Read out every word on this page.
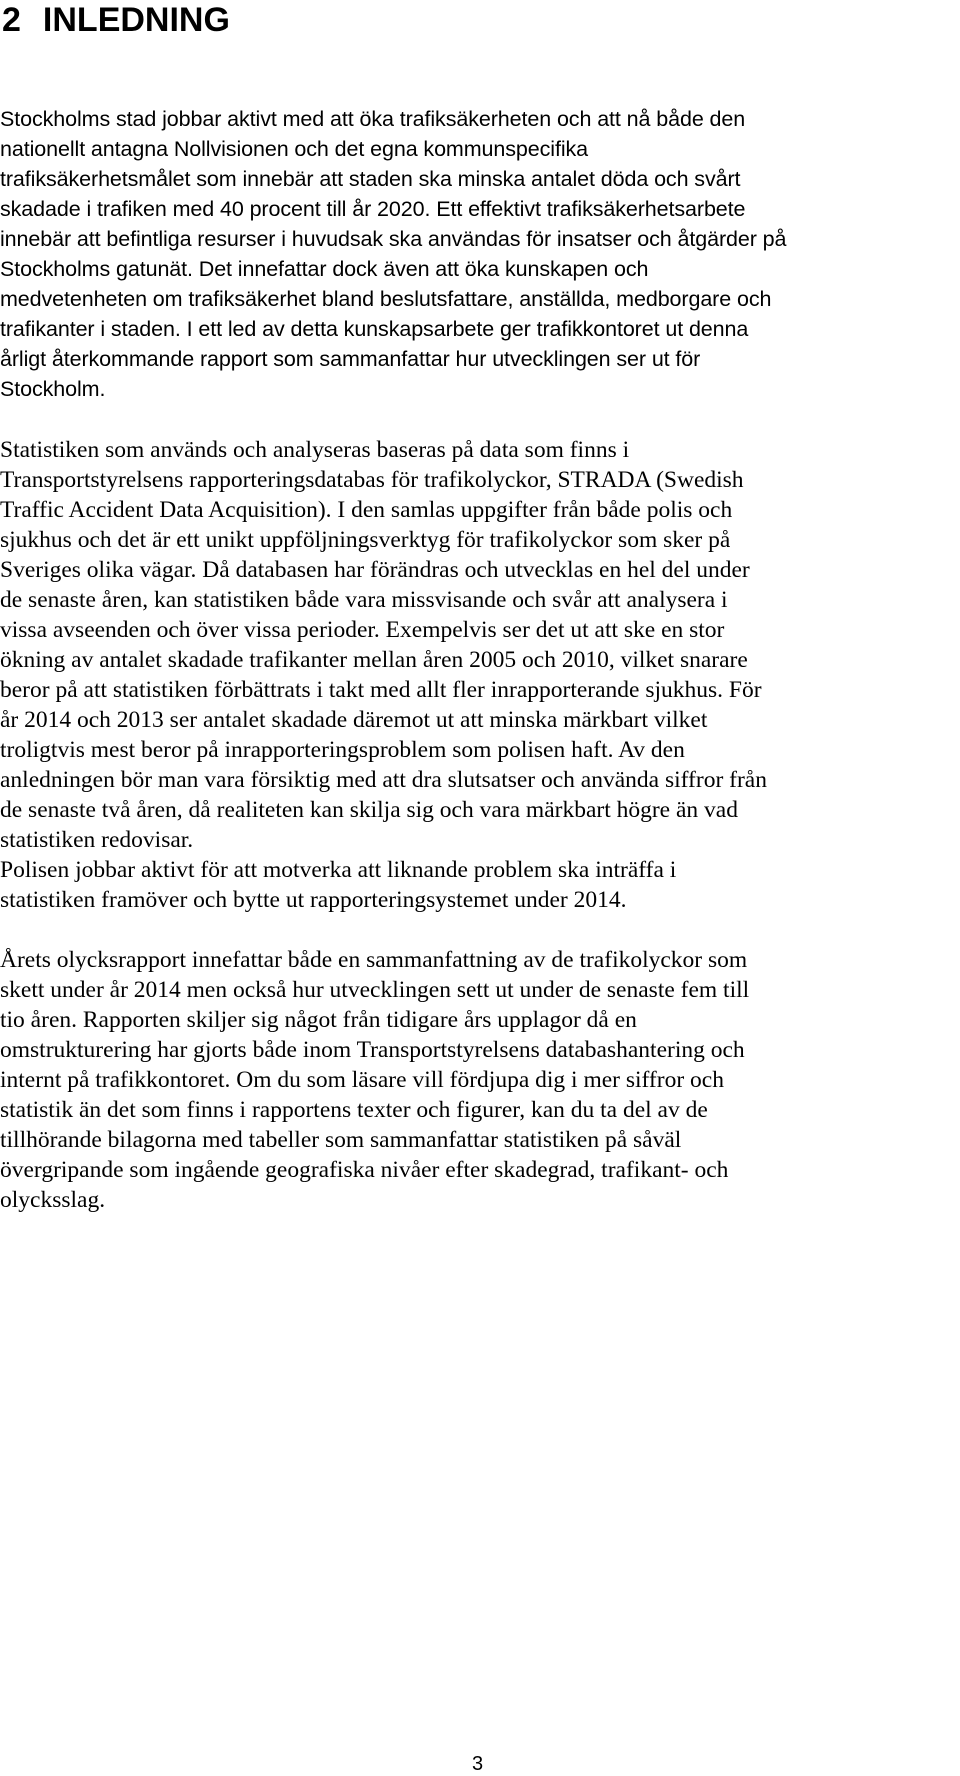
2 INLEDNING
Stockholms stad jobbar aktivt med att öka trafiksäkerheten och att nå både den
nationellt antagna Nollvisionen och det egna kommunspecifika
trafiksäkerhetsmålet som innebär att staden ska minska antalet döda och svårt
skadade i trafiken med 40 procent till år 2020. Ett effektivt trafiksäkerhetsarbete
innebär att befintliga resurser i huvudsak ska användas för insatser och åtgärder på
Stockholms gatunät. Det innefattar dock även att öka kunskapen och
medvetenheten om trafiksäkerhet bland beslutsfattare, anställda, medborgare och
trafikanter i staden. I ett led av detta kunskapsarbete ger trafikkontoret ut denna
årligt återkommande rapport som sammanfattar hur utvecklingen ser ut för
Stockholm.
Statistiken som används och analyseras baseras på data som finns i
Transportstyrelsens rapporteringsdatabas för trafikolyckor, STRADA (Swedish
Traffic Accident Data Acquisition). I den samlas uppgifter från både polis och
sjukhus och det är ett unikt uppföljningsverktyg för trafikolyckor som sker på
Sveriges olika vägar. Då databasen har förändras och utvecklas en hel del under
de senaste åren, kan statistiken både vara missvisande och svår att analysera i
vissa avseenden och över vissa perioder. Exempelvis ser det ut att ske en stor
ökning av antalet skadade trafikanter mellan åren 2005 och 2010, vilket snarare
beror på att statistiken förbättrats i takt med allt fler inrapporterande sjukhus. För
år 2014 och 2013 ser antalet skadade däremot ut att minska märkbart vilket
troligtvis mest beror på inrapporteringsproblem som polisen haft. Av den
anledningen bör man vara försiktig med att dra slutsatser och använda siffror från
de senaste två åren, då realiteten kan skilja sig och vara märkbart högre än vad
statistiken redovisar.
Polisen jobbar aktivt för att motverka att liknande problem ska inträffa i
statistiken framöver och bytte ut rapporteringsystemet under 2014.
Årets olycksrapport innefattar både en sammanfattning av de trafikolyckor som
skett under år 2014 men också hur utvecklingen sett ut under de senaste fem till
tio åren. Rapporten skiljer sig något från tidigare års upplagor då en
omstrukturering har gjorts både inom Transportstyrelsens databashantering och
internt på trafikkontoret. Om du som läsare vill fördjupa dig i mer siffror och
statistik än det som finns i rapportens texter och figurer, kan du ta del av de
tillhörande bilagorna med tabeller som sammanfattar statistiken på såväl
övergripande som ingående geografiska nivåer efter skadegrad, trafikant- och
olycksslag.
3
